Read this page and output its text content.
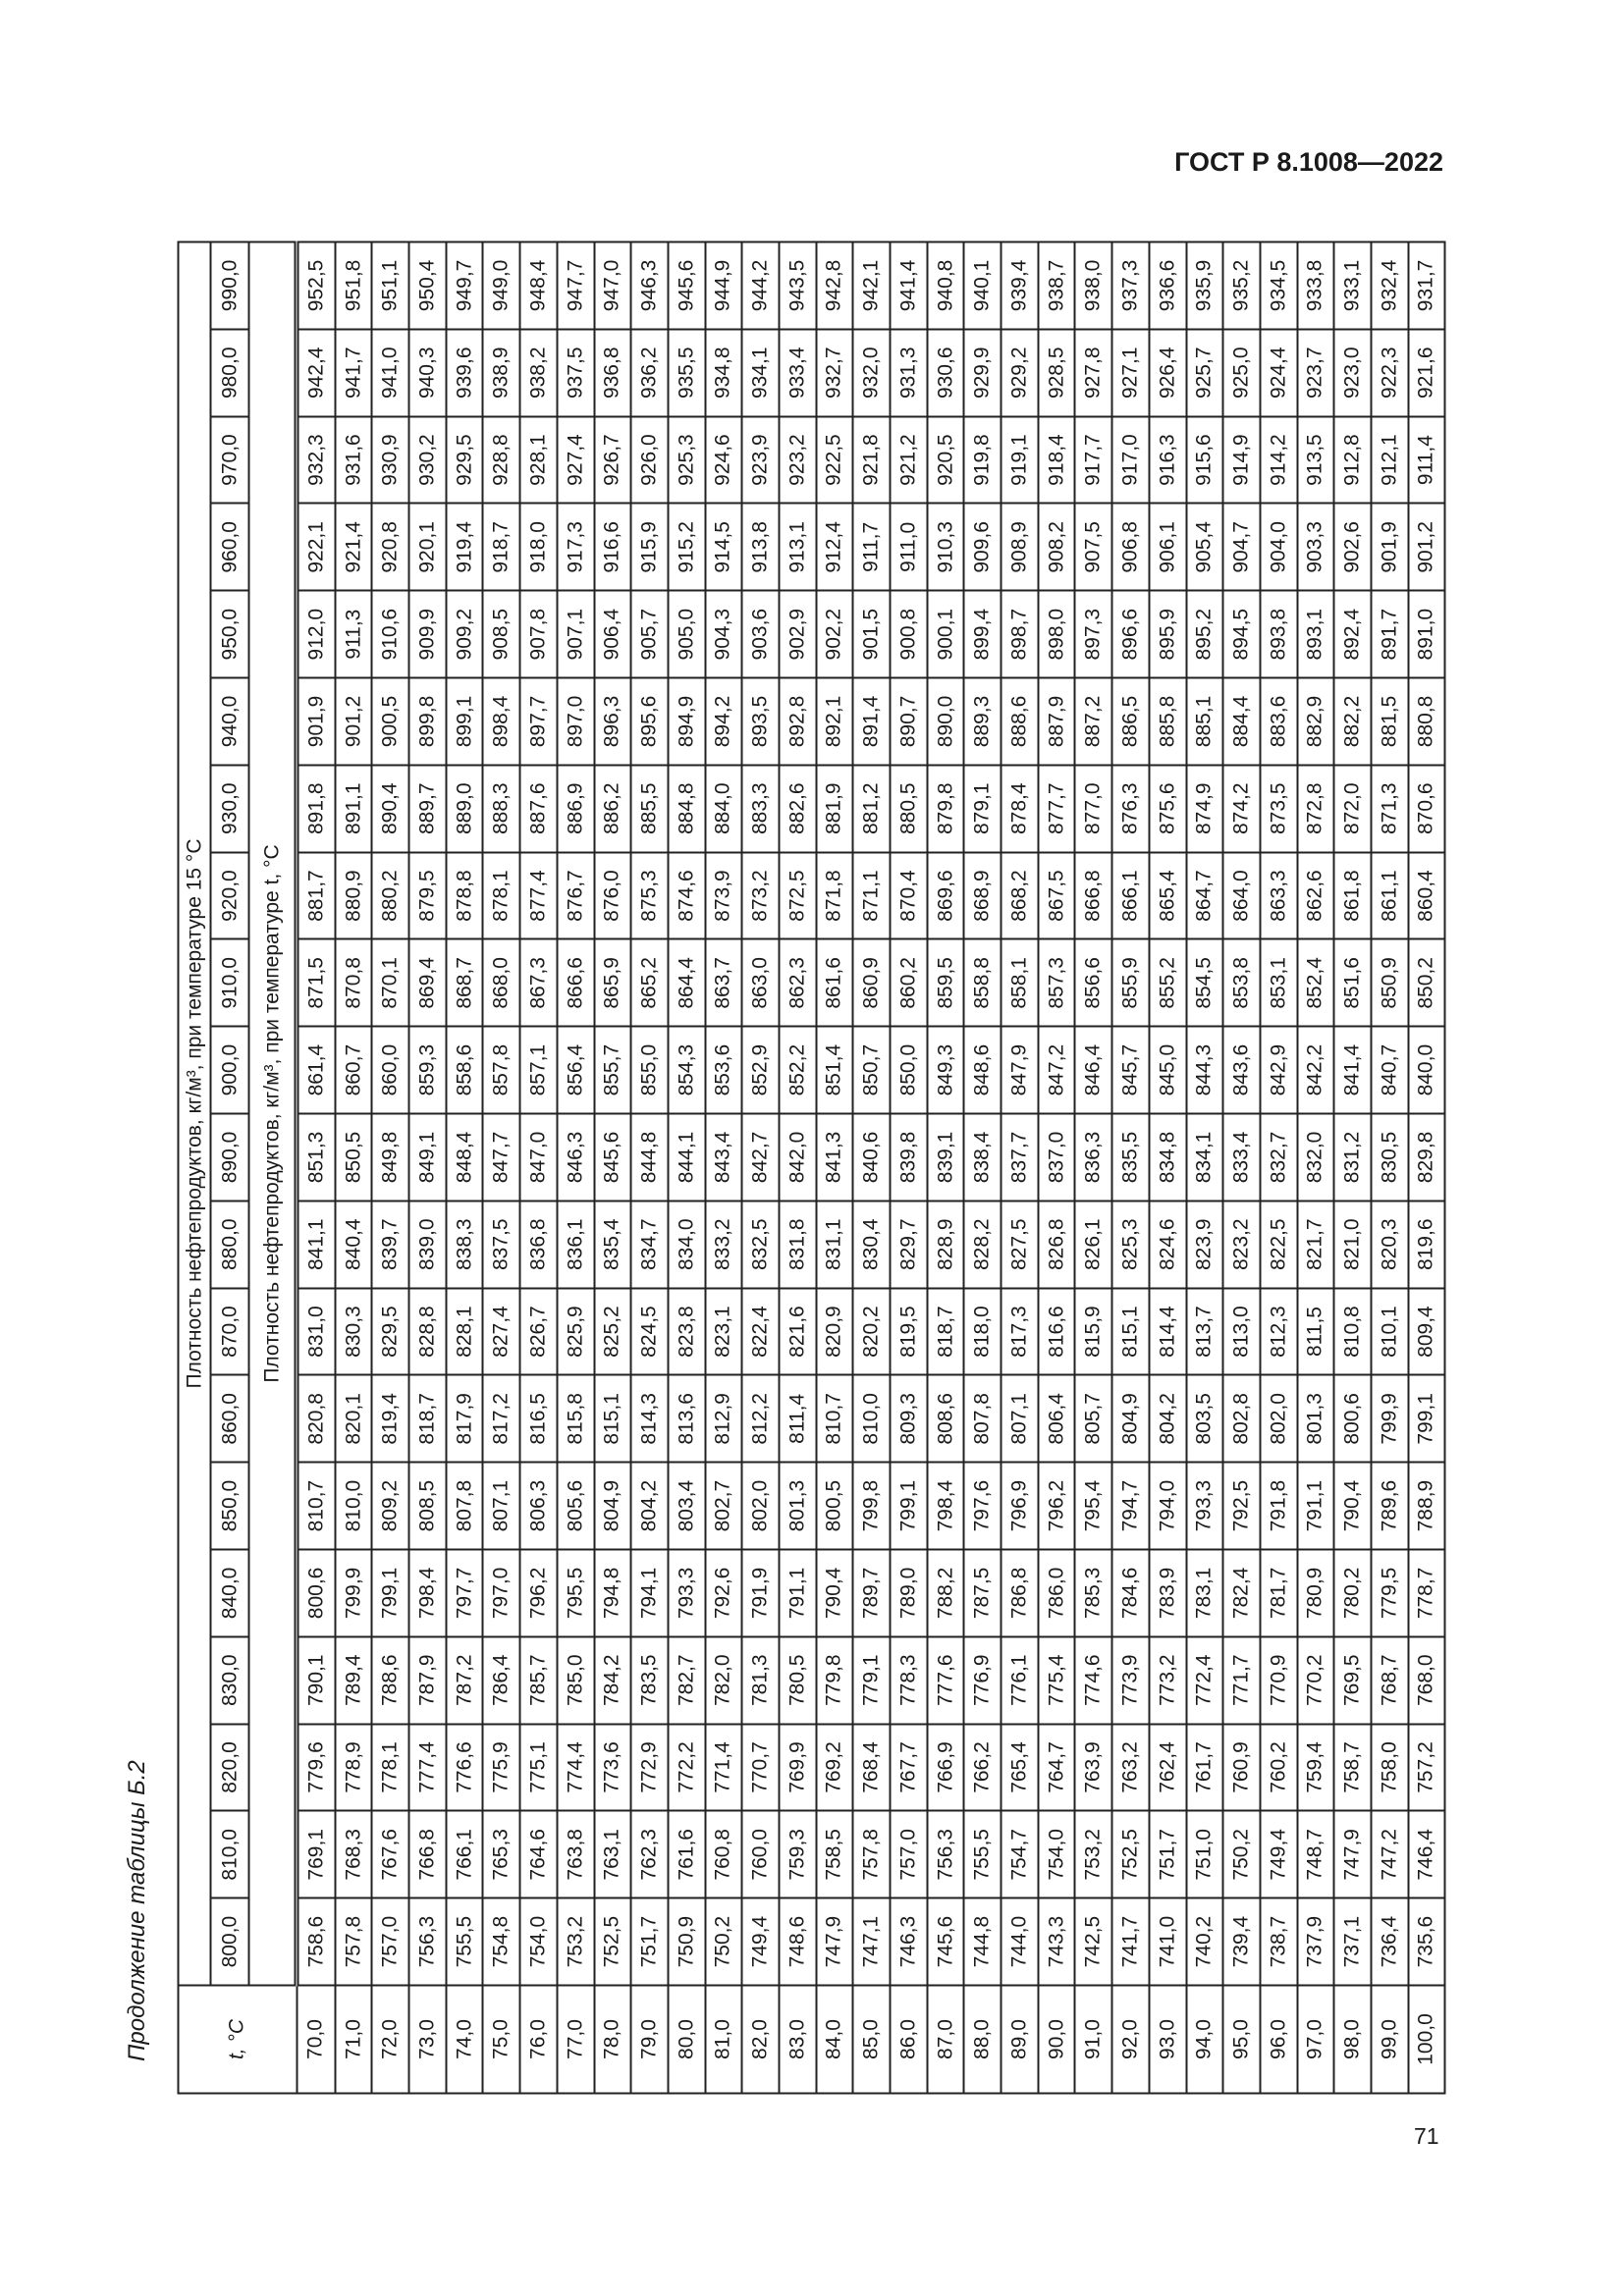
ГОСТ Р 8.1008—2022
Продолжение таблицы Б.2	t, °C	Плотность нефтепродуктов, кг/м³, при температуре 15 °C																			
	800,0	810,0	820,0	830,0	840,0	850,0	860,0	870,0	880,0	890,0	900,0	910,0	920,0	930,0	940,0	950,0	960,0	970,0	980,0	990,0
	Плотность нефтепродуктов, кг/м³, при температуре t, °C																			
70,0	758,6	769,1	779,6	790,1	800,6	810,7	820,8	831,0	841,1	851,3	861,4	871,5	881,7	891,8	901,9	912,0	922,1	932,3	942,4	952,5
71,0	757,8	768,3	778,9	789,4	799,9	810,0	820,1	830,3	840,4	850,5	860,7	870,8	880,9	891,1	901,2	911,3	921,4	931,6	941,7	951,8
72,0	757,0	767,6	778,1	788,6	799,1	809,2	819,4	829,5	839,7	849,8	860,0	870,1	880,2	890,4	900,5	910,6	920,8	930,9	941,0	951,1
73,0	756,3	766,8	777,4	787,9	798,4	808,5	818,7	828,8	839,0	849,1	859,3	869,4	879,5	889,7	899,8	909,9	920,1	930,2	940,3	950,4
74,0	755,5	766,1	776,6	787,2	797,7	807,8	817,9	828,1	838,3	848,4	858,6	868,7	878,8	889,0	899,1	909,2	919,4	929,5	939,6	949,7
75,0	754,8	765,3	775,9	786,4	797,0	807,1	817,2	827,4	837,5	847,7	857,8	868,0	878,1	888,3	898,4	908,5	918,7	928,8	938,9	949,0
76,0	754,0	764,6	775,1	785,7	796,2	806,3	816,5	826,7	836,8	847,0	857,1	867,3	877,4	887,6	897,7	907,8	918,0	928,1	938,2	948,4
77,0	753,2	763,8	774,4	785,0	795,5	805,6	815,8	825,9	836,1	846,3	856,4	866,6	876,7	886,9	897,0	907,1	917,3	927,4	937,5	947,7
78,0	752,5	763,1	773,6	784,2	794,8	804,9	815,1	825,2	835,4	845,6	855,7	865,9	876,0	886,2	896,3	906,4	916,6	926,7	936,8	947,0
79,0	751,7	762,3	772,9	783,5	794,1	804,2	814,3	824,5	834,7	844,8	855,0	865,2	875,3	885,5	895,6	905,7	915,9	926,0	936,2	946,3
80,0	750,9	761,6	772,2	782,7	793,3	803,4	813,6	823,8	834,0	844,1	854,3	864,4	874,6	884,8	894,9	905,0	915,2	925,3	935,5	945,6
81,0	750,2	760,8	771,4	782,0	792,6	802,7	812,9	823,1	833,2	843,4	853,6	863,7	873,9	884,0	894,2	904,3	914,5	924,6	934,8	944,9
82,0	749,4	760,0	770,7	781,3	791,9	802,0	812,2	822,4	832,5	842,7	852,9	863,0	873,2	883,3	893,5	903,6	913,8	923,9	934,1	944,2
83,0	748,6	759,3	769,9	780,5	791,1	801,3	811,4	821,6	831,8	842,0	852,2	862,3	872,5	882,6	892,8	902,9	913,1	923,2	933,4	943,5
84,0	747,9	758,5	769,2	779,8	790,4	800,5	810,7	820,9	831,1	841,3	851,4	861,6	871,8	881,9	892,1	902,2	912,4	922,5	932,7	942,8
85,0	747,1	757,8	768,4	779,1	789,7	799,8	810,0	820,2	830,4	840,6	850,7	860,9	871,1	881,2	891,4	901,5	911,7	921,8	932,0	942,1
86,0	746,3	757,0	767,7	778,3	789,0	799,1	809,3	819,5	829,7	839,8	850,0	860,2	870,4	880,5	890,7	900,8	911,0	921,2	931,3	941,4
87,0	745,6	756,3	766,9	777,6	788,2	798,4	808,6	818,7	828,9	839,1	849,3	859,5	869,6	879,8	890,0	900,1	910,3	920,5	930,6	940,8
88,0	744,8	755,5	766,2	776,9	787,5	797,6	807,8	818,0	828,2	838,4	848,6	858,8	868,9	879,1	889,3	899,4	909,6	919,8	929,9	940,1
89,0	744,0	754,7	765,4	776,1	786,8	796,9	807,1	817,3	827,5	837,7	847,9	858,1	868,2	878,4	888,6	898,7	908,9	919,1	929,2	939,4
90,0	743,3	754,0	764,7	775,4	786,0	796,2	806,4	816,6	826,8	837,0	847,2	857,3	867,5	877,7	887,9	898,0	908,2	918,4	928,5	938,7
91,0	742,5	753,2	763,9	774,6	785,3	795,4	805,7	815,9	826,1	836,3	846,4	856,6	866,8	877,0	887,2	897,3	907,5	917,7	927,8	938,0
92,0	741,7	752,5	763,2	773,9	784,6	794,7	804,9	815,1	825,3	835,5	845,7	855,9	866,1	876,3	886,5	896,6	906,8	917,0	927,1	937,3
93,0	741,0	751,7	762,4	773,2	783,9	794,0	804,2	814,4	824,6	834,8	845,0	855,2	865,4	875,6	885,8	895,9	906,1	916,3	926,4	936,6
94,0	740,2	751,0	761,7	772,4	783,1	793,3	803,5	813,7	823,9	834,1	844,3	854,5	864,7	874,9	885,1	895,2	905,4	915,6	925,7	935,9
95,0	739,4	750,2	760,9	771,7	782,4	792,5	802,8	813,0	823,2	833,4	843,6	853,8	864,0	874,2	884,4	894,5	904,7	914,9	925,0	935,2
96,0	738,7	749,4	760,2	770,9	781,7	791,8	802,0	812,3	822,5	832,7	842,9	853,1	863,3	873,5	883,6	893,8	904,0	914,2	924,4	934,5
97,0	737,9	748,7	759,4	770,2	780,9	791,1	801,3	811,5	821,7	832,0	842,2	852,4	862,6	872,8	882,9	893,1	903,3	913,5	923,7	933,8
98,0	737,1	747,9	758,7	769,5	780,2	790,4	800,6	810,8	821,0	831,2	841,4	851,6	861,8	872,0	882,2	892,4	902,6	912,8	923,0	933,1
99,0	736,4	747,2	758,0	768,7	779,5	789,6	799,9	810,1	820,3	830,5	840,7	850,9	861,1	871,3	881,5	891,7	901,9	912,1	922,3	932,4
100,0	735,6	746,4	757,2	768,0	778,7	788,9	799,1	809,4	819,6	829,8	840,0	850,2	860,4	870,6	880,8	891,0	901,2	911,4	921,6	931,7
71
